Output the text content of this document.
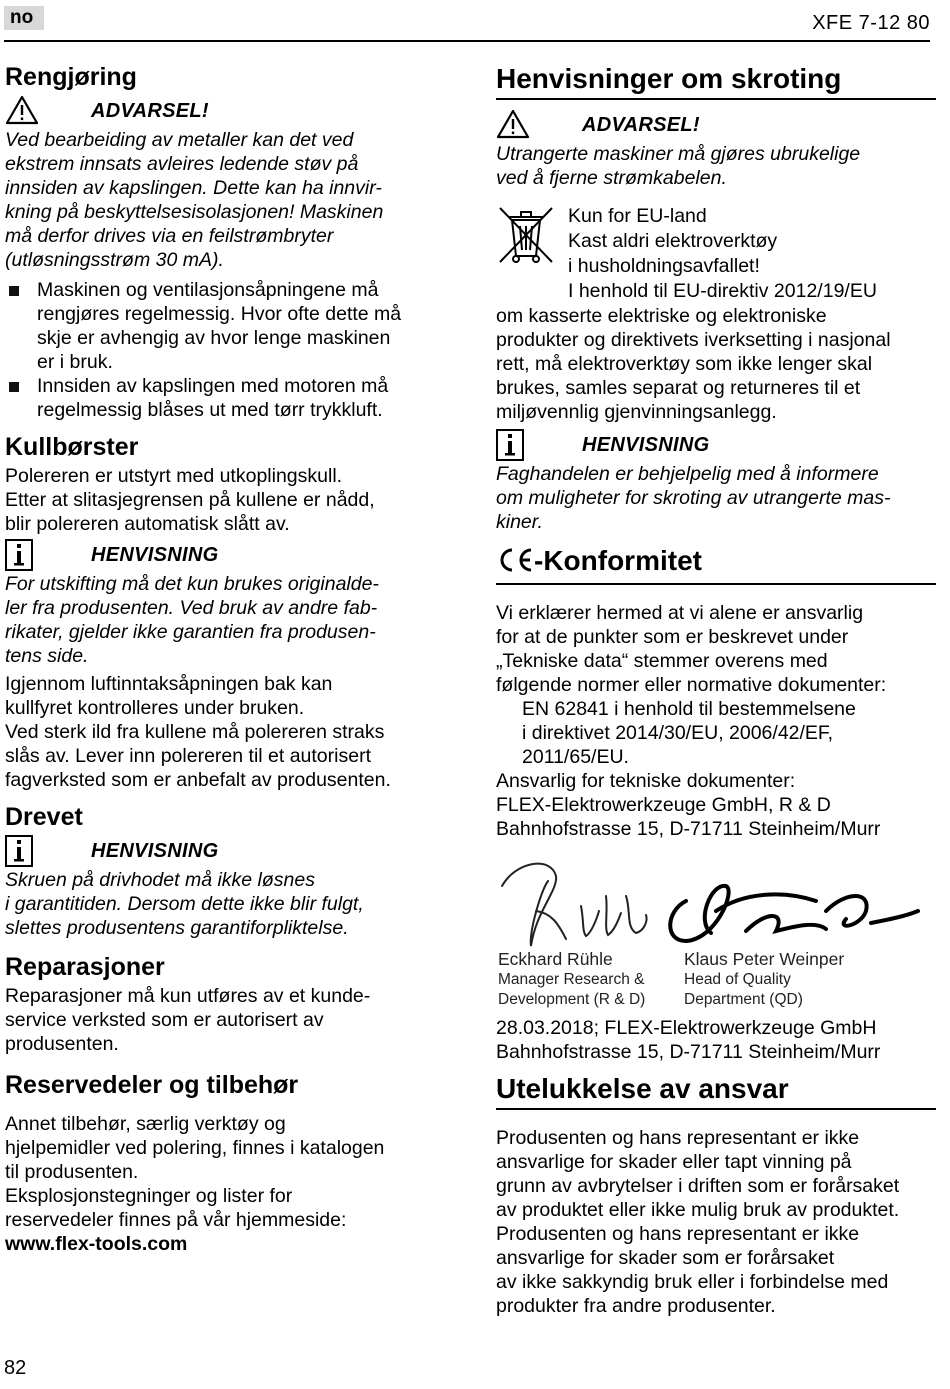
no	XFE 7-12 80
Rengjøring
ADVARSEL!

Ved bearbeiding av metaller kan det ved

ekstrem innsats avleires ledende støv på

innsiden av kapslingen. Dette kan ha innvir-

kning på beskyttelsesisolasjonen! Maskinen

må derfor drives via en feilstrømbryter

(utløsningsstrøm 30 mA).

Maskinen og ventilasjonsåpningene må

rengjøres regelmessig. Hvor ofte dette må

skje er avhengig av hvor lenge maskinen

er i bruk.

Innsiden av kapslingen med motoren må

regelmessig blåses ut med tørr trykkluft.

Kullbørster

Polereren er utstyrt med utkoplingskull.

Etter at slitasjegrensen på kullene er nådd,

blir polereren automatisk slått av.

HENVISNING

For utskifting må det kun brukes originalde-

ler fra produsenten. Ved bruk av andre fab-

rikater, gjelder ikke garantien fra produsen-

tens side.

Igjennom luftinntaksåpningen bak kan

kullfyret kontrolleres under bruken.

Ved sterk ild fra kullene må polereren straks

slås av. Lever inn polereren til et autorisert

fagverksted som er anbefalt av produsenten.

Drevet
HENVISNING

Skruen på drivhodet må ikke løsnes

i garantitiden. Dersom dette ikke blir fulgt,

slettes produsentens garantiforpliktelse.

Reparasjoner

Reparasjoner må kun utføres av et kunde-

service verksted som er autorisert av

produsenten.

Reservedeler og tilbehør

Annet tilbehør, særlig verktøy og

hjelpemidler ved polering, finnes i katalogen

til produsenten.

Eksplosjonstegninger og lister for

reservedeler finnes på vår hjemmeside:

www.flex-tools.com

Henvisninger om skroting
ADVARSEL!

Utrangerte maskiner må gjøres ubrukelige

ved å fjerne strømkabelen.

Kun for EU-land

Kast aldri elektroverktøy

i husholdningsavfallet!

I henhold til EU-direktiv 2012/19/EU

om kasserte elektriske og elektroniske

produkter og direktivets iverksetting i nasjonal

rett, må elektroverktøy som ikke lenger skal

brukes, samles separat og returneres til et

miljøvennlig gjenvinningsanlegg.

HENVISNING

Faghandelen er behjelpelig med å informere

om muligheter for skroting av utrangerte mas-

kiner.

-Konformitet

Vi erklærer hermed at vi alene er ansvarlig

for at de punkter som er beskrevet under

„Tekniske data“ stemmer overens med

følgende normer eller normative dokumenter:

EN 62841 i henhold til bestemmelsene

i direktivet 2014/30/EU, 2006/42/EF,

2011/65/EU.

Ansvarlig for tekniske dokumenter:

FLEX-Elektrowerkzeuge GmbH, R & D

Bahnhofstrasse 15, D-71711 Steinheim/Murr

Eckhard Rühle
Manager Research &
Development (R & D)
Klaus Peter Weinper
Head of Quality
Department (QD)

28.03.2018; FLEX-Elektrowerkzeuge GmbH

Bahnhofstrasse 15, D-71711 Steinheim/Murr

Utelukkelse av ansvar

Produsenten og hans representant er ikke

ansvarlige for skader eller tapt vinning på

grunn av avbrytelser i driften som er forårsaket

av produktet eller ikke mulig bruk av produktet.

Produsenten og hans representant er ikke

ansvarlige for skader som er forårsaket

av ikke sakkyndig bruk eller i forbindelse med

produkter fra andre produsenter.

82
